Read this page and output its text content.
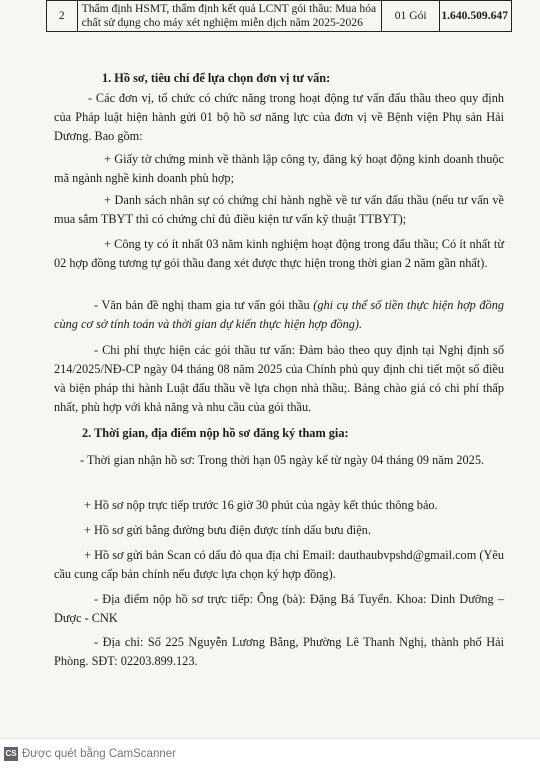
2	Thẩm định HSMT, thẩm định kết quả LCNT gói thầu: Mua hóa chất sử dụng cho máy xét nghiệm miễn dịch năm 2025-2026	01 Gói	1.640.509.647

1. Hồ sơ, tiêu chí để lựa chọn đơn vị tư vấn:

- Các đơn vị, tổ chức có chức năng trong hoạt động tư vấn đấu thầu theo quy định của Pháp luật hiện hành gửi 01 bộ hồ sơ năng lực của đơn vị về Bệnh viện Phụ sản Hải Dương. Bao gồm:

+ Giấy tờ chứng minh về thành lập công ty, đăng ký hoạt động kinh doanh thuộc mã ngành nghề kinh doanh phù hợp;

+ Danh sách nhân sự có chứng chỉ hành nghề về tư vấn đấu thầu (nếu tư vấn về mua sắm TBYT thì có chứng chỉ đủ điều kiện tư vấn kỹ thuật TTBYT);

+ Công ty có ít nhất 03 năm kinh nghiệm hoạt động trong đấu thầu; Có ít nhất từ 02 hợp đồng tương tự gói thầu đang xét được thực hiện trong thời gian 2 năm gần nhất).

- Văn bản đề nghị tham gia tư vấn gói thầu (ghi cụ thể số tiền thực hiện hợp đồng cùng cơ sở tính toán và thời gian dự kiến thực hiện hợp đồng).

- Chi phí thực hiện các gói thầu tư vấn: Đảm bảo theo quy định tại Nghị định số 214/2025/NĐ-CP ngày 04 tháng 08 năm 2025 của Chính phủ quy định chi tiết một số điều và biện pháp thi hành Luật đấu thầu về lựa chọn nhà thầu;. Bảng chào giá có chi phí thấp nhất, phù hợp với khả năng và nhu cầu của gói thầu.

2. Thời gian, địa điểm nộp hồ sơ đăng ký tham gia:

- Thời gian nhận hồ sơ: Trong thời hạn 05 ngày kể từ ngày 04 tháng 09 năm 2025.

+ Hồ sơ nộp trực tiếp trước 16 giờ 30 phút của ngày kết thúc thông báo.

+ Hồ sơ gửi bằng đường bưu điện được tính dấu bưu điện.

+ Hồ sơ gửi bản Scan có dấu đỏ qua địa chỉ Email: dauthaubvpshd@gmail.com (Yêu cầu cung cấp bản chính nếu được lựa chọn ký hợp đồng).

- Địa điểm nộp hồ sơ trực tiếp: Ông (bà): Đặng Bá Tuyển. Khoa: Dinh Dưỡng – Dược - CNK

- Địa chỉ: Số 225 Nguyễn Lương Bằng, Phường Lê Thanh Nghị, thành phố Hải Phòng. SĐT: 02203.899.123.

CS Được quét bằng CamScanner
